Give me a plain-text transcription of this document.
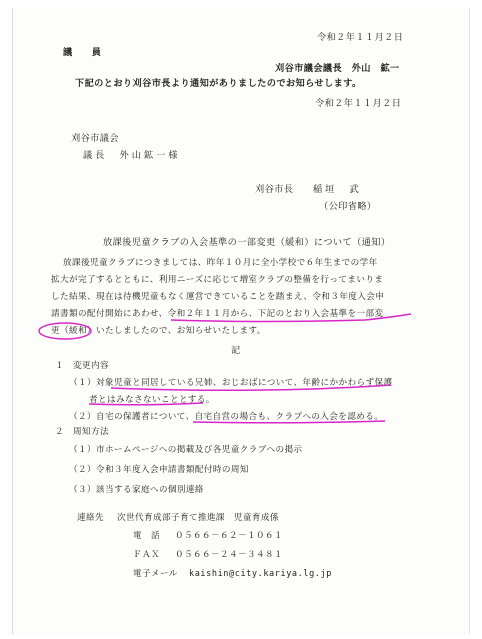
令和２年１１月２日
議　　員
刈谷市議会議長　外山　鉱一
下記のとおり刈谷市長より通知がありましたのでお知らせします。
令和２年１１月２日
刈谷市議会
議長　外山鉱一様
刈谷市長 稲垣　武
（公印省略）
放課後児童クラブの入会基準の一部変更（緩和）について（通知）
放課後児童クラブにつきましては、昨年１０月に全小学校で６年生までの学年
拡大が完了するとともに、利用ニーズに応じて増室クラブの整備を行ってまいりま
した結果、現在は待機児童もなく運営できていることを踏まえ、令和３年度入会申
請書類の配付開始にあわせ、令和２年１１月から、下記のとおり入会基準を一部変
更（緩和）いたしましたので、お知らせいたします。
記
１　変更内容
（１）対象児童と同居している兄姉、おじおばについて、年齢にかかわらず保護
者とはみなさないこととする。
（２）自宅の保護者について、自宅自営の場合も、クラブへの入会を認める。
２　周知方法
（１）市ホームページへの掲載及び各児童クラブへの掲示
（２）令和３年度入会申請書類配付時の周知
（３）該当する家庭への個別連絡
連絡先 次世代育成部子育て推進課　児童育成係
電　話 ０５６６－６２－１０６１
ＦＡＸ ０５６６－２４－３４８１
電子メール kaishin@city.kariya.lg.jp
